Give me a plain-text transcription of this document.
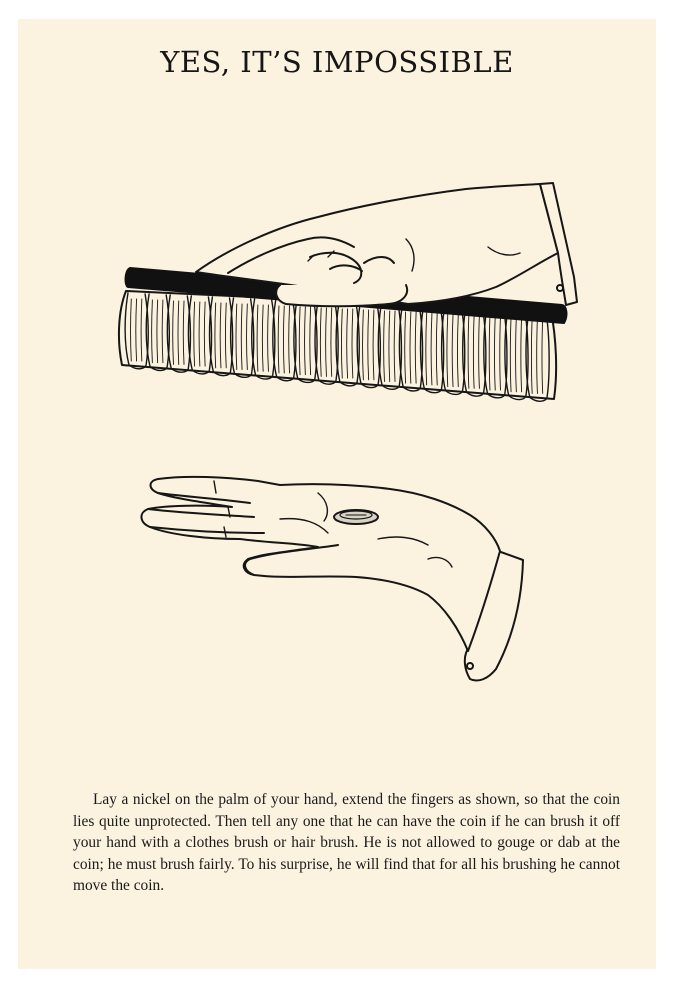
YES, IT’S IMPOSSIBLE

Lay a nickel on the palm of your hand, extend the fingers as shown, so that the coin lies quite unprotected. Then tell any one that he can have the coin if he can brush it off your hand with a clothes brush or hair brush. He is not allowed to gouge or dab at the coin; he must brush fairly. To his surprise, he will find that for all his brushing he cannot move the coin.
